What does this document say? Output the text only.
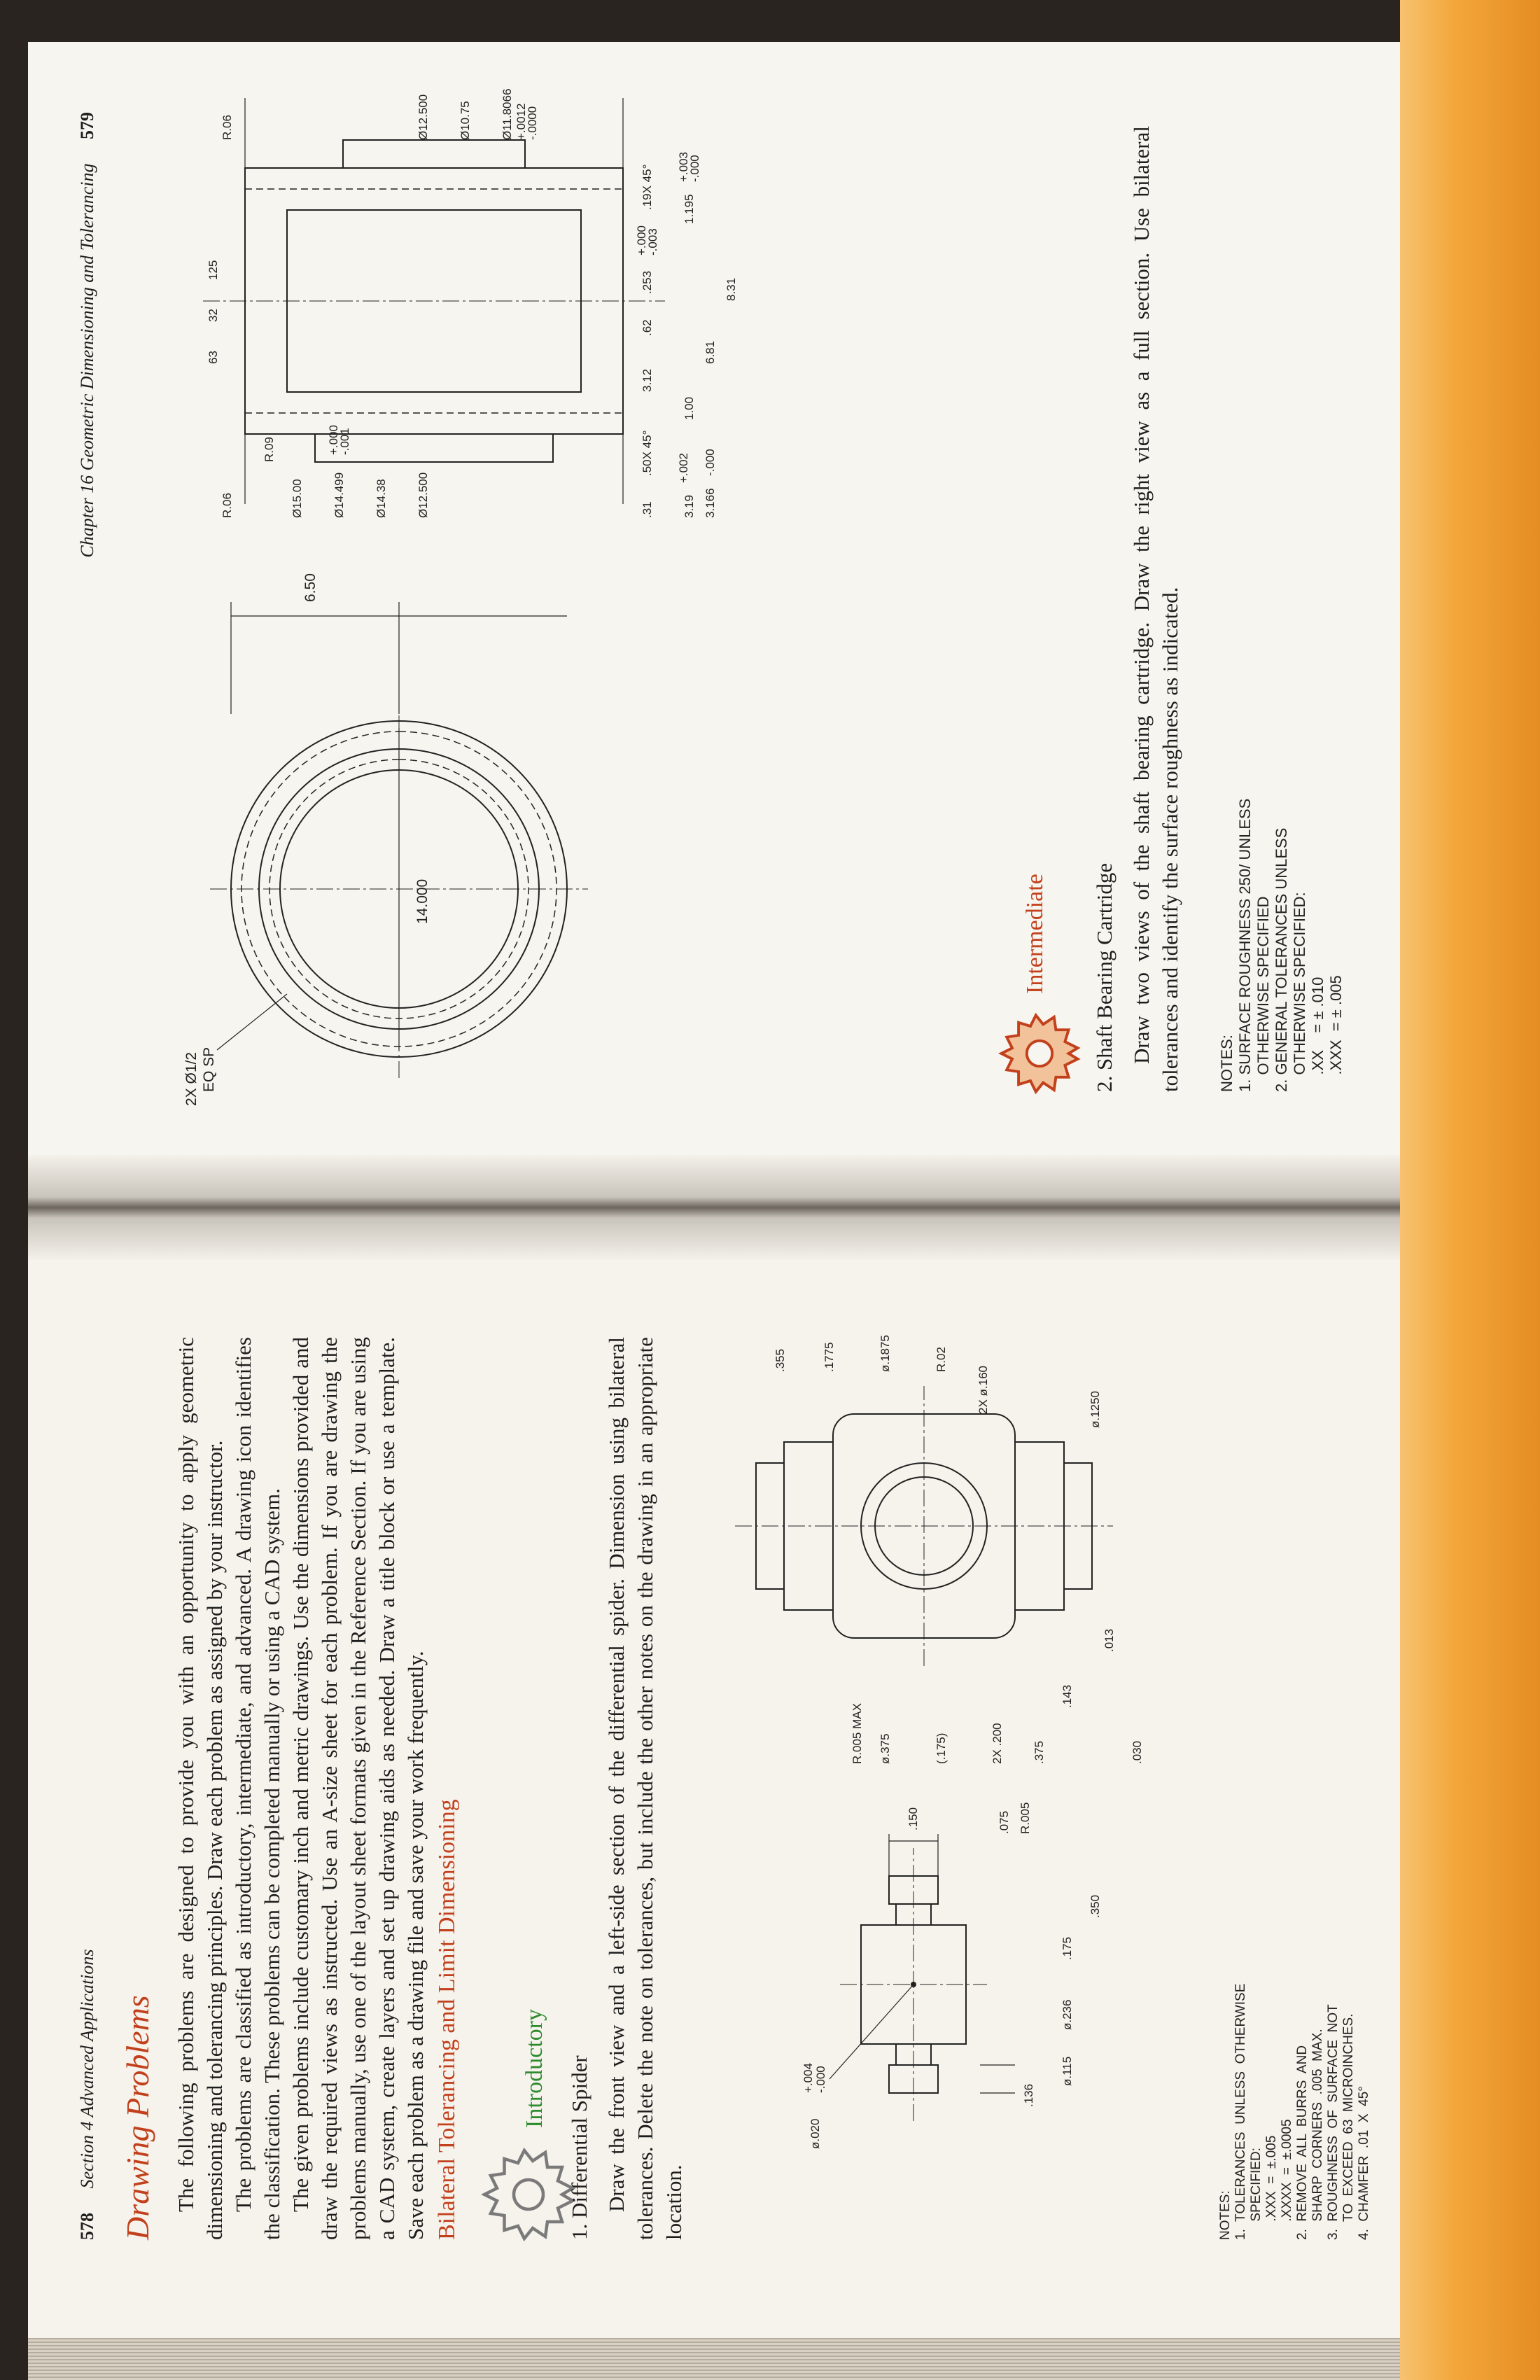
578 Section 4 Advanced Applications Drawing Problems The following problems are designed to provide you with an opportunity to apply geometric dimensioning and tolerancing principles. Draw each problem as assigned by your instructor. The problems are classified as introductory, intermediate, and advanced. A drawing icon identifies the classification. These problems can be completed manually or using a CAD system. The given problems include customary inch and metric drawings. Use the dimensions provided and draw the required views as instructed. Use an A-size sheet for each problem. If you are drawing the problems manually, use one of the layout sheet formats given in the Reference Section. If you are using a CAD system, create layers and set up drawing aids as needed. Draw a title block or use a template. Save each problem as a drawing file and save your work frequently. Bilateral Tolerancing and Limit Dimensioning	Introductory 1. Differential Spider Draw the front view and a left-side section of the differential spider. Dimension using bilateral tolerances. Delete the note on tolerances, but include the other notes on the drawing in an appropriate location.

.150
.136
ø.115
ø.236
.175
.350
ø.020
+.004 -.000
.075 R.005
R.005 MAX ø.375	(.175)	2X .200 .375
.143
.013
.030
.355	.1775	ø.1875	R.02
2X ø.160	ø.1250
NOTES: 1.  TOLERANCES  UNLESS  OTHERWISE SPECIFIED: .XXX  =  ±.005 .XXXX  =  ±.0005 2.  REMOVE  ALL  BURRS  AND SHARP  CORNERS  .005  MAX. 3.  ROUGHNESS  OF  SURFACE  NOT TO  EXCEED  63  MICROINCHES. 4.  CHAMFER  .01  X  45°
Chapter 16 Geometric Dimensioning and Tolerancing 579
6.50
14.000
2X Ø1/2 EQ SP
R.06
R.06
R.09
Ø15.00 Ø14.499
+.000
-.001
Ø14.38 Ø12.500
Ø12.500 Ø10.75 Ø11.8066 +.0012
-.0000
.31
.50X 45°
3.12
.62
.253
+.000
-.003
.19X 45°
63
32
125
3.19
+.002
3.166
-.000
1.00
6.81
8.31
1.195
+.003
-.000
Intermediate 2. Shaft Bearing Cartridge Draw two views of the shaft bearing cartridge. Draw the right view as a full section. Use bilateral tolerances and identify the surface roughness as indicated. NOTES: 1. SURFACE ROUGHNESS 250/ UNLESS OTHERWISE SPECIFIED 2. GENERAL TOLERANCES UNLESS OTHERWISE SPECIFIED: .XX    = ± .010 .XXX  = ± .005
